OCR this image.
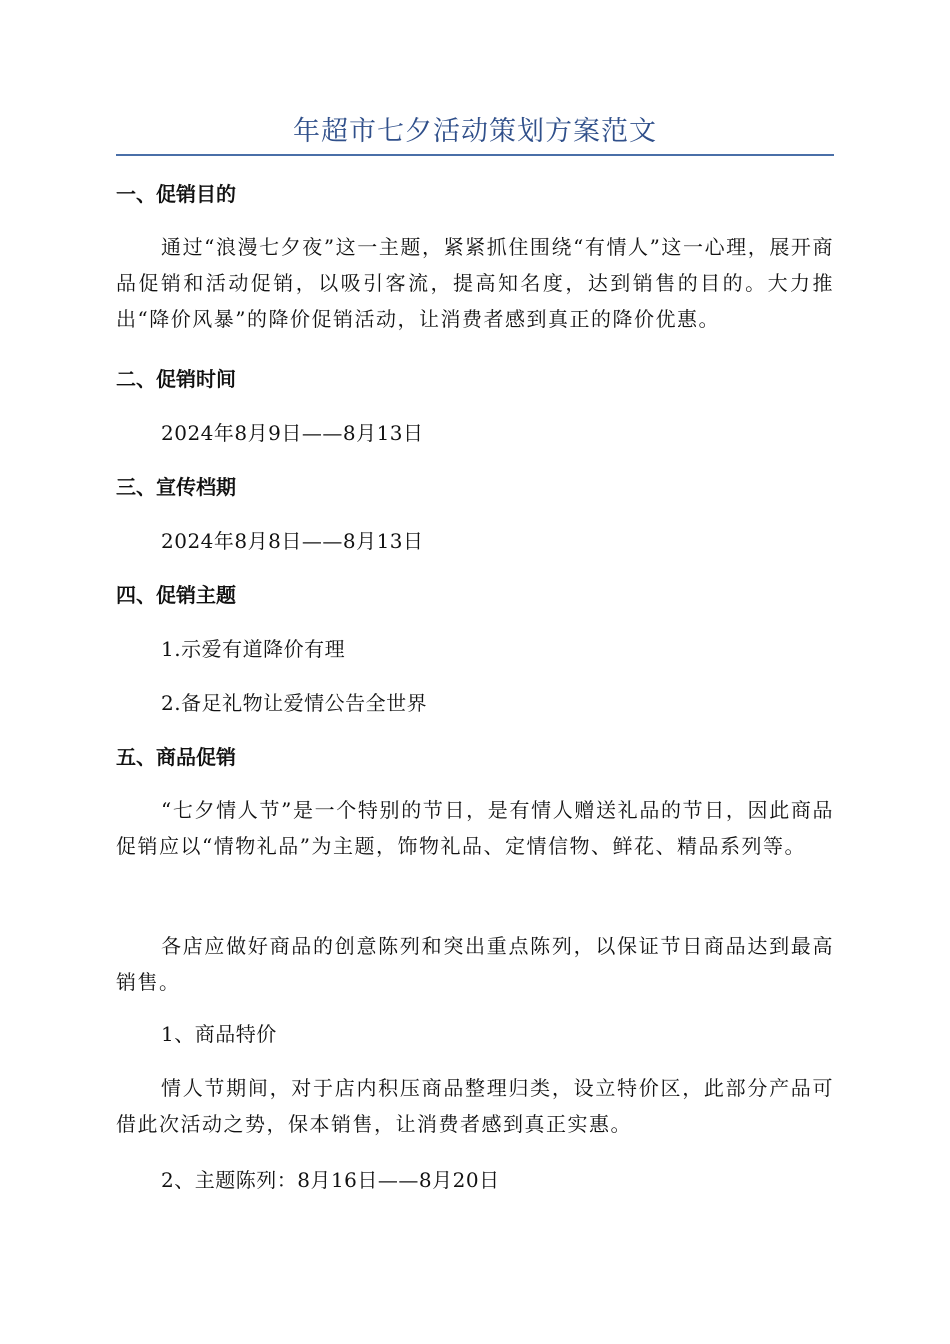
年超市七夕活动策划方案范文
一、促销目的
通过“浪漫七夕夜”这一主题，紧紧抓住围绕“有情人”这一心理，展开商品促销和活动促销，以吸引客流，提高知名度，达到销售的目的。大力推出“降价风暴”的降价促销活动，让消费者感到真正的降价优惠。
二、促销时间
2024年8月9日——8月13日
三、宣传档期
2024年8月8日——8月13日
四、促销主题
1.示爱有道降价有理
2.备足礼物让爱情公告全世界
五、商品促销
“七夕情人节”是一个特别的节日，是有情人赠送礼品的节日，因此商品促销应以“情物礼品”为主题，饰物礼品、定情信物、鲜花、精品系列等。
各店应做好商品的创意陈列和突出重点陈列，以保证节日商品达到最高销售。
1、商品特价
情人节期间，对于店内积压商品整理归类，设立特价区，此部分产品可借此次活动之势，保本销售，让消费者感到真正实惠。
2、主题陈列：8月16日——8月20日
